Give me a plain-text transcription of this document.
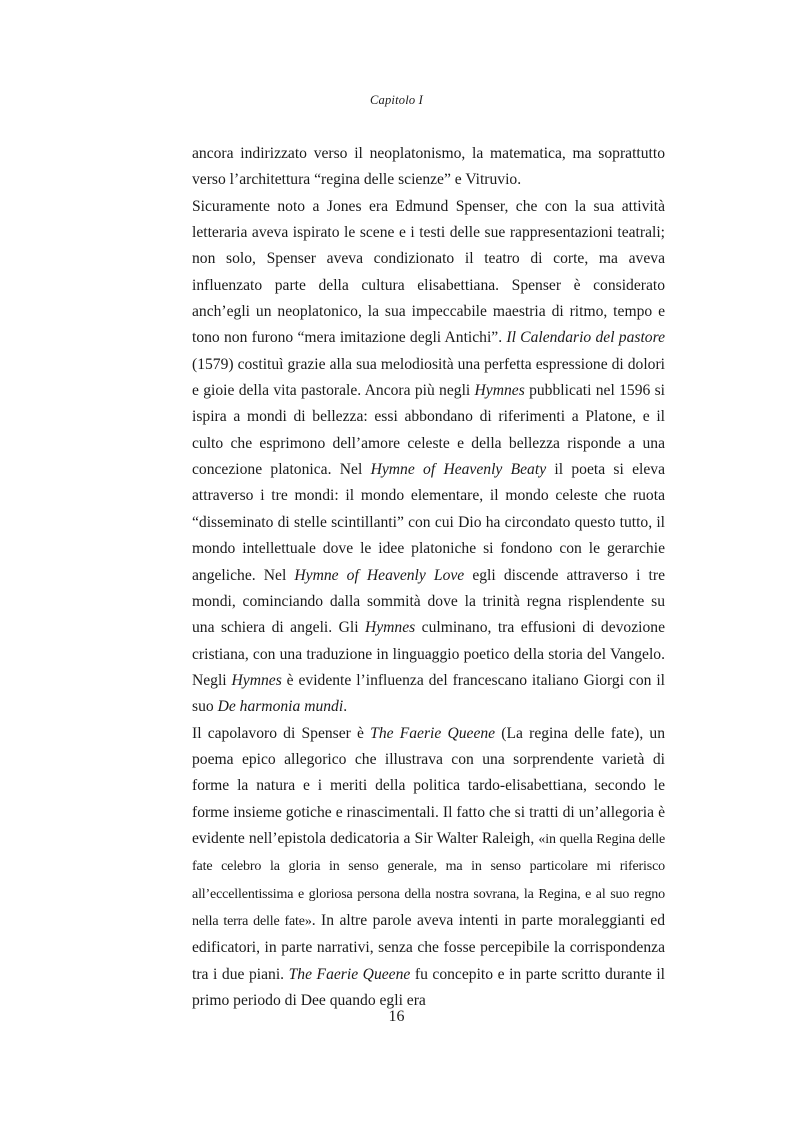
Capitolo I

ancora indirizzato verso il neoplatonismo, la matematica, ma soprattutto verso l’architettura “regina delle scienze” e Vitruvio.

Sicuramente noto a Jones era Edmund Spenser, che con la sua attività letteraria aveva ispirato le scene e i testi delle sue rappresentazioni teatrali; non solo, Spenser aveva condizionato il teatro di corte, ma aveva influenzato parte della cultura elisabettiana. Spenser è considerato anch’egli un neoplatonico, la sua impeccabile maestria di ritmo, tempo e tono non furono “mera imitazione degli Antichi”. Il Calendario del pastore (1579) costituì grazie alla sua melodiosità una perfetta espressione di dolori e gioie della vita pastorale. Ancora più negli Hymnes pubblicati nel 1596 si ispira a mondi di bellezza: essi abbondano di riferimenti a Platone, e il culto che esprimono dell’amore celeste e della bellezza risponde a una concezione platonica. Nel Hymne of Heavenly Beaty il poeta si eleva attraverso i tre mondi: il mondo elementare, il mondo celeste che ruota “disseminato di stelle scintillanti” con cui Dio ha circondato questo tutto, il mondo intellettuale dove le idee platoniche si fondono con le gerarchie angeliche. Nel Hymne of Heavenly Love egli discende attraverso i tre mondi, cominciando dalla sommità dove la trinità regna risplendente su una schiera di angeli. Gli Hymnes culminano, tra effusioni di devozione cristiana, con una traduzione in linguaggio poetico della storia del Vangelo. Negli Hymnes è evidente l’influenza del francescano italiano Giorgi con il suo De harmonia mundi.

Il capolavoro di Spenser è The Faerie Queene (La regina delle fate), un poema epico allegorico che illustrava con una sorprendente varietà di forme la natura e i meriti della politica tardo-elisabettiana, secondo le forme insieme gotiche e rinascimentali. Il fatto che si tratti di un’allegoria è evidente nell’epistola dedicatoria a Sir Walter Raleigh, «in quella Regina delle fate celebro la gloria in senso generale, ma in senso particolare mi riferisco all’eccellentissima e gloriosa persona della nostra sovrana, la Regina, e al suo regno nella terra delle fate». In altre parole aveva intenti in parte moraleggianti ed edificatori, in parte narrativi, senza che fosse percepibile la corrispondenza tra i due piani. The Faerie Queene fu concepito e in parte scritto durante il primo periodo di Dee quando egli era

16
